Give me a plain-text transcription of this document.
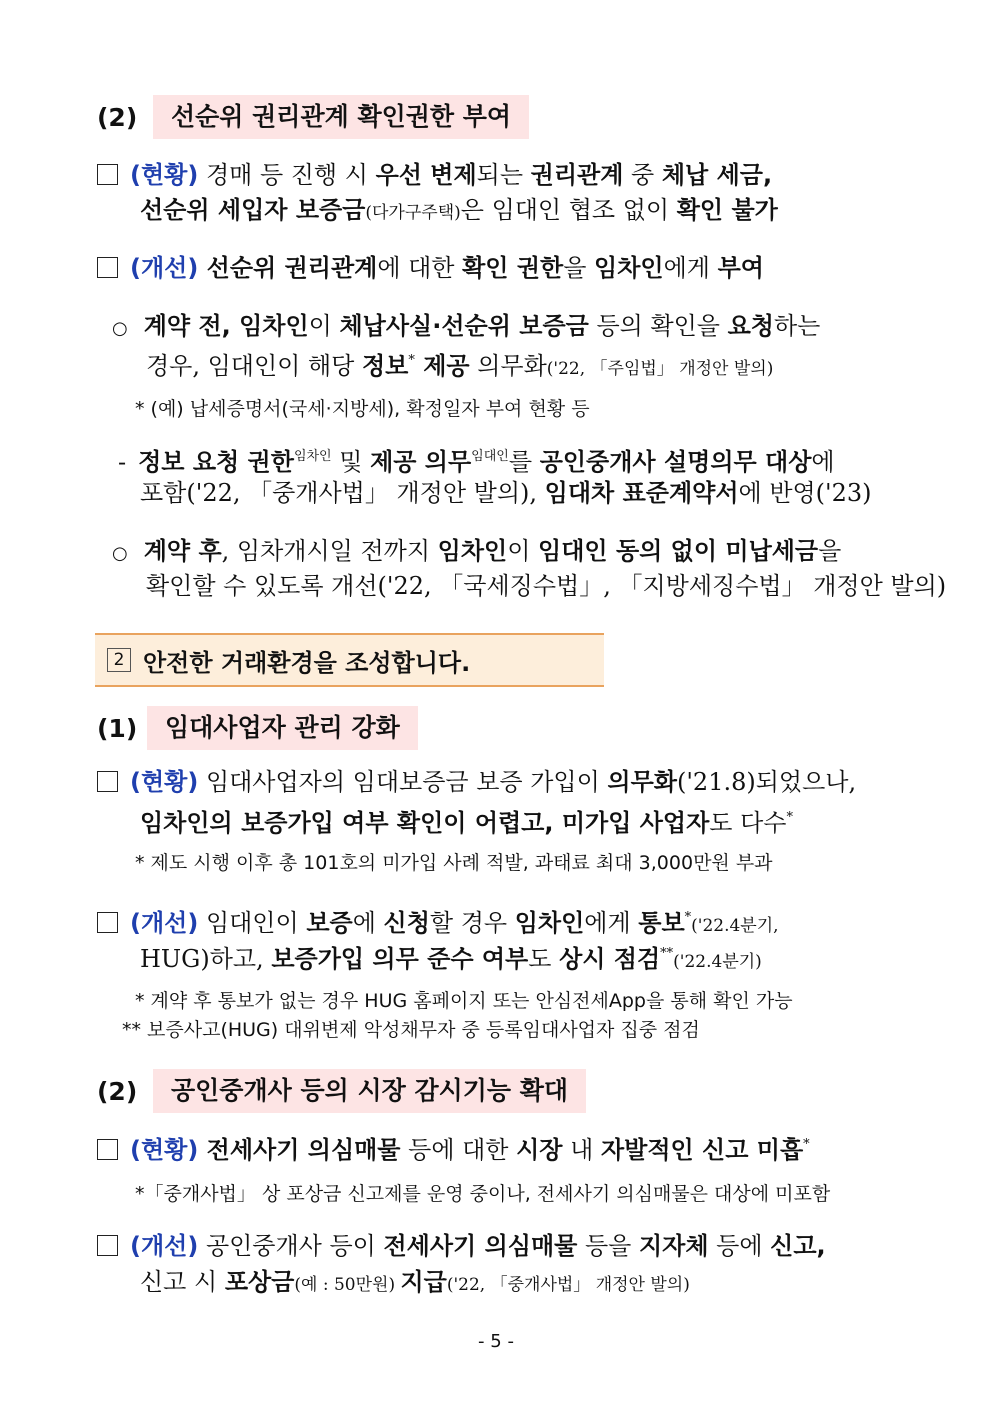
(2)	선순위 권리관계 확인권한 부여
(현황) 경매 등 진행 시 우선 변제되는 권리관계 중 체납 세금,
선순위 세입자 보증금(다가구주택)은 임대인 협조 없이 확인 불가
(개선) 선순위 권리관계에 대한 확인 권한을 임차인에게 부여
○ 계약 전, 임차인이 체납사실·선순위 보증금 등의 확인을 요청하는
경우, 임대인이 해당 정보* 제공 의무화('22, 「주임법」 개정안 발의)
* (예) 납세증명서(국세·지방세), 확정일자 부여 현황 등
- 정보 요청 권한$^{임차인}$ 및 제공 의무$^{임대인}$를 공인중개사 설명의무 대상에
포함('22, 「중개사법」 개정안 발의), 임대차 표준계약서에 반영('23)
○ 계약 후, 임차개시일 전까지 임차인이 임대인 동의 없이 미납세금을
확인할 수 있도록 개선('22, 「국세징수법」, 「지방세징수법」 개정안 발의)
2 안전한 거래환경을 조성합니다.
(1)	임대사업자 관리 강화
(현황) 임대사업자의 임대보증금 보증 가입이 의무화('21.8)되었으나,
임차인의 보증가입 여부 확인이 어렵고, 미가입 사업자도 다수*
* 제도 시행 이후 총 101호의 미가입 사례 적발, 과태료 최대 3,000만원 부과
(개선) 임대인이 보증에 신청할 경우 임차인에게 통보*('22.4분기,
HUG)하고, 보증가입 의무 준수 여부도 상시 점검**('22.4분기)
* 계약 후 통보가 없는 경우 HUG 홈페이지 또는 안심전세App을 통해 확인 가능
** 보증사고(HUG) 대위변제 악성채무자 중 등록임대사업자 집중 점검
(2)	공인중개사 등의 시장 감시기능 확대
(현황) 전세사기 의심매물 등에 대한 시장 내 자발적인 신고 미흡*
*「중개사법」 상 포상금 신고제를 운영 중이나, 전세사기 의심매물은 대상에 미포함
(개선) 공인중개사 등이 전세사기 의심매물 등을 지자체 등에 신고,
신고 시 포상금(예 : 50만원) 지급('22, 「중개사법」 개정안 발의)
- 5 -
